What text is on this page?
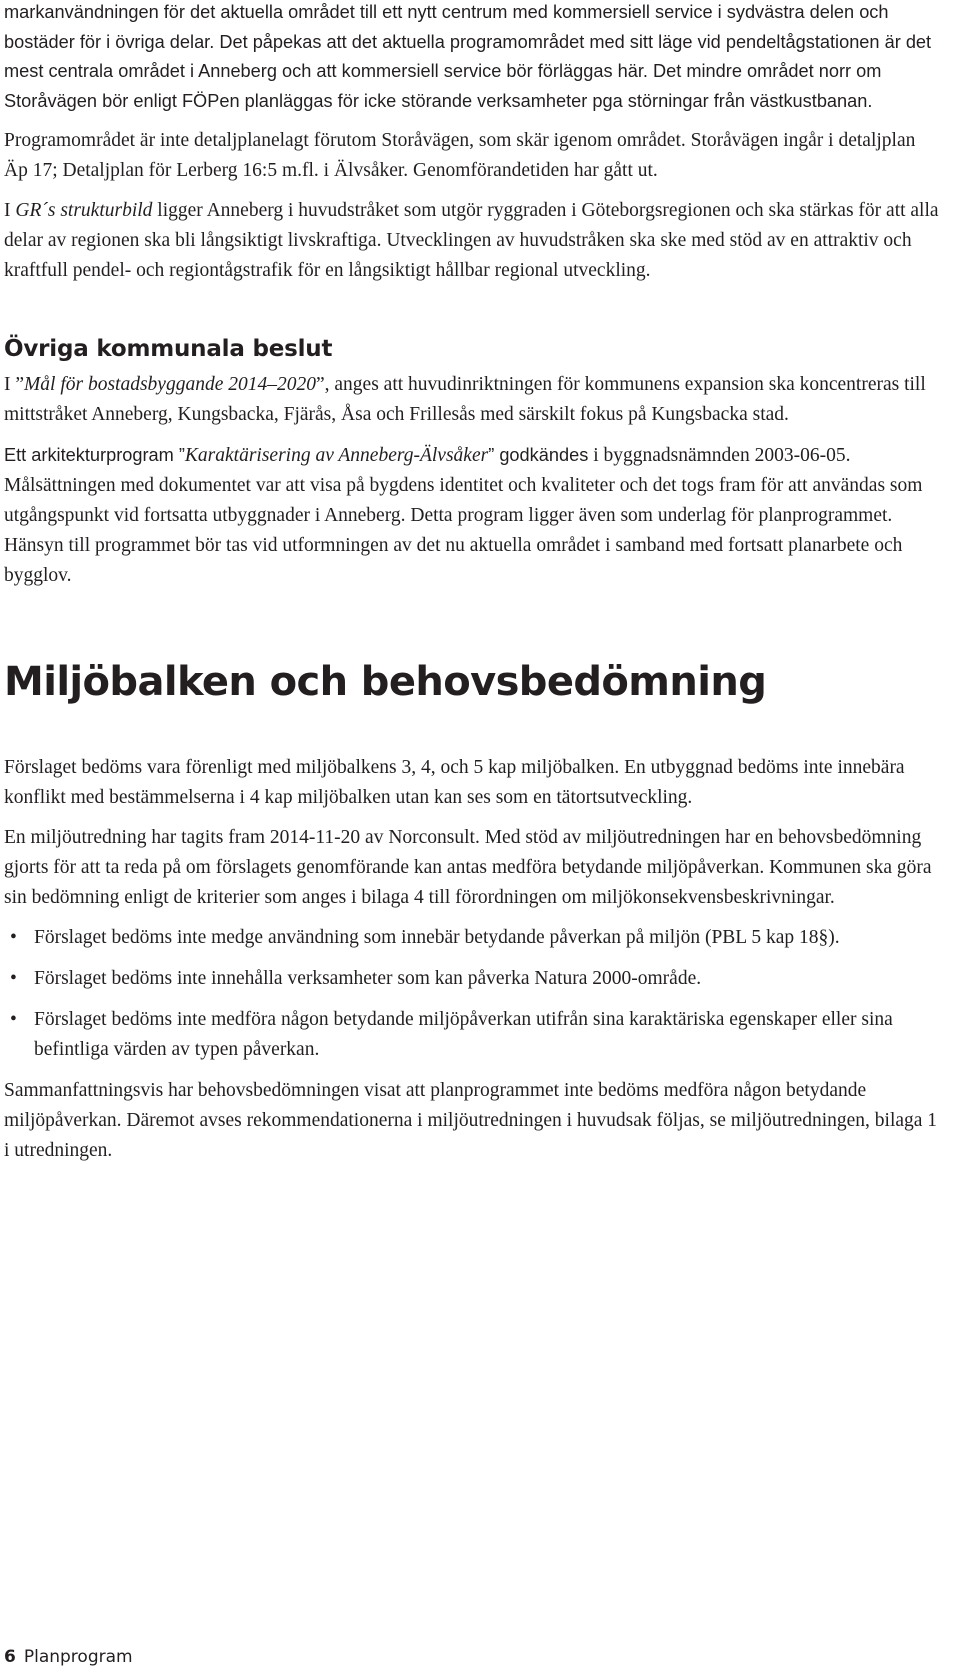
markanvändningen för det aktuella området till ett nytt centrum med kommersiell service i sydvästra delen och bostäder för i övriga delar. Det påpekas att det aktuella programområdet med sitt läge vid pendeltågstationen är det mest centrala området i Anneberg och att kommersiell service bör förläggas här. Det mindre området norr om Storåvägen bör enligt FÖPen planläggas för icke störande verksamheter pga störningar från västkustbanan.

Programområdet är inte detaljplanelagt förutom Storåvägen, som skär igenom området. Storåvägen ingår i detaljplan Äp 17; Detaljplan för Lerberg 16:5 m.fl. i Älvsåker. Genomförandetiden har gått ut.

I GR´s strukturbild ligger Anneberg i huvudstråket som utgör ryggraden i Göteborgsregionen och ska stärkas för att alla delar av regionen ska bli långsiktigt livskraftiga. Utvecklingen av huvudstråken ska ske med stöd av en attraktiv och kraftfull pendel- och regiontågstrafik för en långsiktigt hållbar regional utveckling.

Övriga kommunala beslut

I ”Mål för bostadsbyggande 2014–2020”, anges att huvudinriktningen för kommunens expansion ska koncentreras till mittstråket Anneberg, Kungsbacka, Fjärås, Åsa och Frillesås med särskilt fokus på Kungsbacka stad.

Ett arkitekturprogram ”Karaktärisering av Anneberg-Älvsåker” godkändes i byggnadsnämnden 2003-06-05. Målsättningen med dokumentet var att visa på bygdens identitet och kvaliteter och det togs fram för att användas som utgångspunkt vid fortsatta utbyggnader i Anneberg. Detta program ligger även som underlag för planprogrammet. Hänsyn till programmet bör tas vid utformningen av det nu aktuella området i samband med fortsatt planarbete och bygglov.

Miljöbalken och behovsbedömning

Förslaget bedöms vara förenligt med miljöbalkens 3, 4, och 5 kap miljöbalken. En utbyggnad bedöms inte innebära konflikt med bestämmelserna i 4 kap miljöbalken utan kan ses som en tätortsutveckling.

En miljöutredning har tagits fram 2014-11-20 av Norconsult. Med stöd av miljöutredningen har en behovsbedömning gjorts för att ta reda på om förslagets genomförande kan antas medföra betydande miljöpåverkan. Kommunen ska göra sin bedömning enligt de kriterier som anges i bilaga 4 till förordningen om miljökonsekvensbeskrivningar.

• Förslaget bedöms inte medge användning som innebär betydande påverkan på miljön (PBL 5 kap 18§).
• Förslaget bedöms inte innehålla verksamheter som kan påverka Natura 2000-område.
• Förslaget bedöms inte medföra någon betydande miljöpåverkan utifrån sina karaktäriska egenskaper eller sina befintliga värden av typen påverkan.

Sammanfattningsvis har behovsbedömningen visat att planprogrammet inte bedöms medföra någon betydande miljöpåverkan. Däremot avses rekommendationerna i miljöutredningen i huvudsak följas, se miljöutredningen, bilaga 1 i utredningen.

6 Planprogram
